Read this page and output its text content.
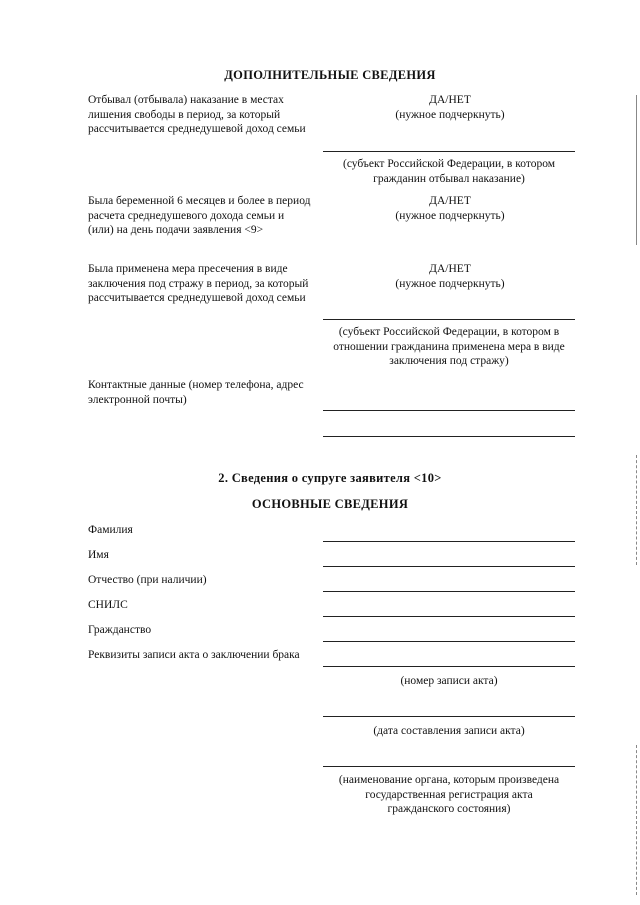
ДОПОЛНИТЕЛЬНЫЕ СВЕДЕНИЯ
Отбывал (отбывала) наказание в местах
лишения свободы в период, за который
рассчитывается среднедушевой доход семьи
ДА/НЕТ
(нужное подчеркнуть)
(субъект Российской Федерации, в котором
гражданин отбывал наказание)
Была беременной 6 месяцев и более в период
расчета среднедушевого дохода семьи и
(или) на день подачи заявления <9>
ДА/НЕТ
(нужное подчеркнуть)
Была применена мера пресечения в виде
заключения под стражу в период, за который
рассчитывается среднедушевой доход семьи
ДА/НЕТ
(нужное подчеркнуть)
(субъект Российской Федерации, в котором в
отношении гражданина применена мера в виде
заключения под стражу)
Контактные данные (номер телефона, адрес
электронной почты)
2. Сведения о супруге заявителя <10>
ОСНОВНЫЕ СВЕДЕНИЯ
Фамилия
Имя
Отчество (при наличии)
СНИЛС
Гражданство
Реквизиты записи акта о заключении брака
(номер записи акта)
(дата составления записи акта)
(наименование органа, которым произведена
государственная регистрация акта
гражданского состояния)
